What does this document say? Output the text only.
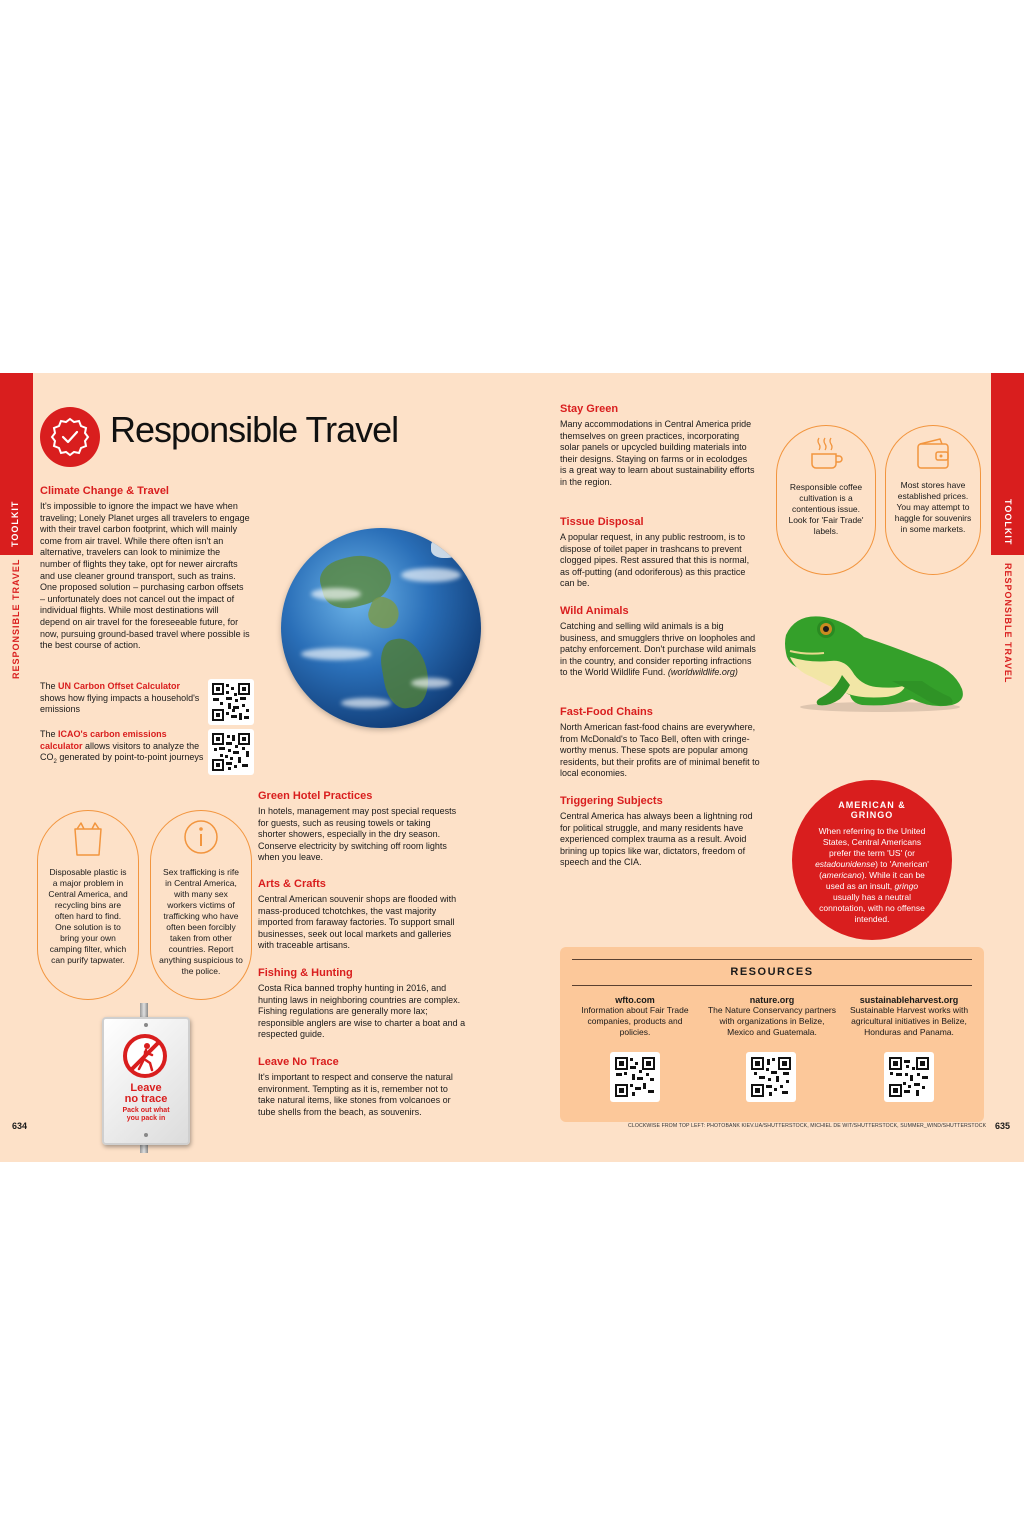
TOOLKIT
RESPONSIBLE TRAVEL
TOOLKIT
RESPONSIBLE TRAVEL
Responsible Travel
Climate Change & Travel
It's impossible to ignore the impact we have when traveling; Lonely Planet urges all travelers to engage with their travel carbon footprint, which will mainly come from air travel. While there often isn't an alternative, travelers can look to minimize the number of flights they take, opt for newer aircrafts and use cleaner ground transport, such as trains. One proposed solution – purchasing carbon offsets – unfortunately does not cancel out the impact of individual flights. While most destinations will depend on air travel for the foreseeable future, for now, pursuing ground-based travel where possible is the best course of action.
The UN Carbon Offset Calculator shows how flying impacts a household's emissions
The ICAO's carbon emissions calculator allows visitors to analyze the $CO_2$ generated by point-to-point journeys
Disposable plastic is a major problem in Central America, and recycling bins are often hard to find. One solution is to bring your own camping filter, which can purify tapwater.
Sex trafficking is rife in Central America, with many sex workers victims of trafficking who have often been forcibly taken from other countries. Report anything suspicious to the police.
Leave
no trace
Pack out what
you pack in
Green Hotel Practices
In hotels, management may post special requests for guests, such as reusing towels or taking shorter showers, especially in the dry season. Conserve electricity by switching off room lights when you leave.
Arts & Crafts
Central American souvenir shops are flooded with mass-produced tchotchkes, the vast majority imported from faraway factories. To support small businesses, seek out local markets and galleries with traceable artisans.
Fishing & Hunting
Costa Rica banned trophy hunting in 2016, and hunting laws in neighboring countries are complex. Fishing regulations are generally more lax; responsible anglers are wise to charter a boat and a respected guide.
Leave No Trace
It's important to respect and conserve the natural environment. Tempting as it is, remember not to take natural items, like stones from volcanoes or tube shells from the beach, as souvenirs.
Stay Green
Many accommodations in Central America pride themselves on green practices, incorporating solar panels or upcycled building materials into their designs. Staying on farms or in ecolodges is a great way to learn about sustainability efforts in the region.
Tissue Disposal
A popular request, in any public restroom, is to dispose of toilet paper in trashcans to prevent clogged pipes. Rest assured that this is normal, as off-putting (and odoriferous) as this practice can be.
Wild Animals
Catching and selling wild animals is a big business, and smugglers thrive on loopholes and patchy enforcement. Don't purchase wild animals in the country, and consider reporting infractions to the World Wildlife Fund. (worldwildlife.org)
Fast-Food Chains
North American fast-food chains are everywhere, from McDonald's to Taco Bell, often with cringe-worthy menus. These spots are popular among residents, but their profits are of minimal benefit to local economies.
Triggering Subjects
Central America has always been a lightning rod for political struggle, and many residents have experienced complex trauma as a result. Avoid brining up topics like war, dictators, freedom of speech and the CIA.
Responsible coffee cultivation is a contentious issue. Look for 'Fair Trade' labels.
Most stores have established prices. You may attempt to haggle for souvenirs in some markets.
AMERICAN &
GRINGO
When referring to the United States, Central Americans prefer the term 'US' (or estadounidense) to 'American' (americano). While it can be used as an insult, gringo usually has a neutral connotation, with no offense intended.
RESOURCES
wfto.com
Information about Fair Trade companies, products and policies.
nature.org
The Nature Conservancy partners with organizations in Belize, Mexico and Guatemala.
sustainableharvest.org
Sustainable Harvest works with agricultural initiatives in Belize, Honduras and Panama.
634	635
CLOCKWISE FROM TOP LEFT: PHOTOBANK KIEV.UA/SHUTTERSTOCK, MICHIEL DE WIT/SHUTTERSTOCK, SUMMER_WIND/SHUTTERSTOCK
